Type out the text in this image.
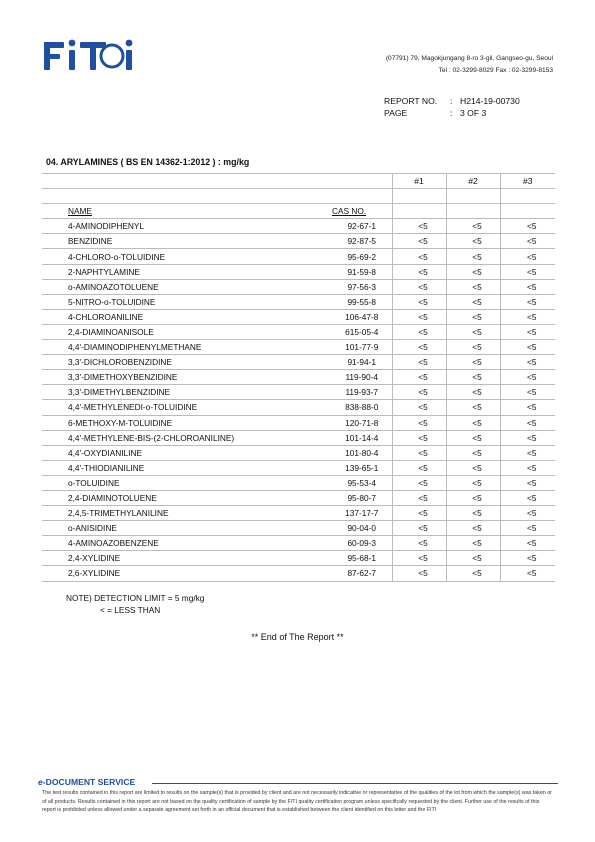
(07791) 79, Magokjungang 8-ro 3-gil, Gangseo-gu, Seoul
Tel : 02-3299-8029 Fax : 02-3299-8153
REPORT NO.	: H214-19-00730
PAGE	: 3 OF 3
04. ARYLAMINES ( BS EN 14362-1:2012 ) : mg/kg
		#1	#2	#3

NAME	CAS NO.			
4-AMINODIPHENYL	92-67-1	<5	<5	<5
BENZIDINE	92-87-5	<5	<5	<5
4-CHLORO-o-TOLUIDINE	95-69-2	<5	<5	<5
2-NAPHTYLAMINE	91-59-8	<5	<5	<5
o-AMINOAZOTOLUENE	97-56-3	<5	<5	<5
5-NITRO-o-TOLUIDINE	99-55-8	<5	<5	<5
4-CHLOROANILINE	106-47-8	<5	<5	<5
2,4-DIAMINOANISOLE	615-05-4	<5	<5	<5
4,4'-DIAMINODIPHENYLMETHANE	101-77-9	<5	<5	<5
3,3'-DICHLOROBENZIDINE	91-94-1	<5	<5	<5
3,3'-DIMETHOXYBENZIDINE	119-90-4	<5	<5	<5
3,3'-DIMETHYLBENZIDINE	119-93-7	<5	<5	<5
4,4'-METHYLENEDI-o-TOLUIDINE	838-88-0	<5	<5	<5
6-METHOXY-M-TOLUIDINE	120-71-8	<5	<5	<5
4,4'-METHYLENE-BIS-(2-CHLOROANILINE)	101-14-4	<5	<5	<5
4,4'-OXYDIANILINE	101-80-4	<5	<5	<5
4,4'-THIODIANILINE	139-65-1	<5	<5	<5
o-TOLUIDINE	95-53-4	<5	<5	<5
2,4-DIAMINOTOLUENE	95-80-7	<5	<5	<5
2,4,5-TRIMETHYLANILINE	137-17-7	<5	<5	<5
o-ANISIDINE	90-04-0	<5	<5	<5
4-AMINOAZOBENZENE	60-09-3	<5	<5	<5
2,4-XYLIDINE	95-68-1	<5	<5	<5
2,6-XYLIDINE	87-62-7	<5	<5	<5
NOTE) DETECTION LIMIT = 5 mg/kg
< = LESS THAN
** End of The Report **
e-DOCUMENT SERVICE
The test results contained in this report are limited to results on the sample(s) that is provided by client and are not necessarily indicative or representative of the qualities of the lot from which the sample(s) was taken or of all products. Results contained in this report are not based on the quality certification of sample by the FITI quality certification program unless specifically requested by the client. Further use of the results of this report is prohibited unless allowed under a separate agreement set forth in an official document that is established between the client identified on this letter and the FITI
